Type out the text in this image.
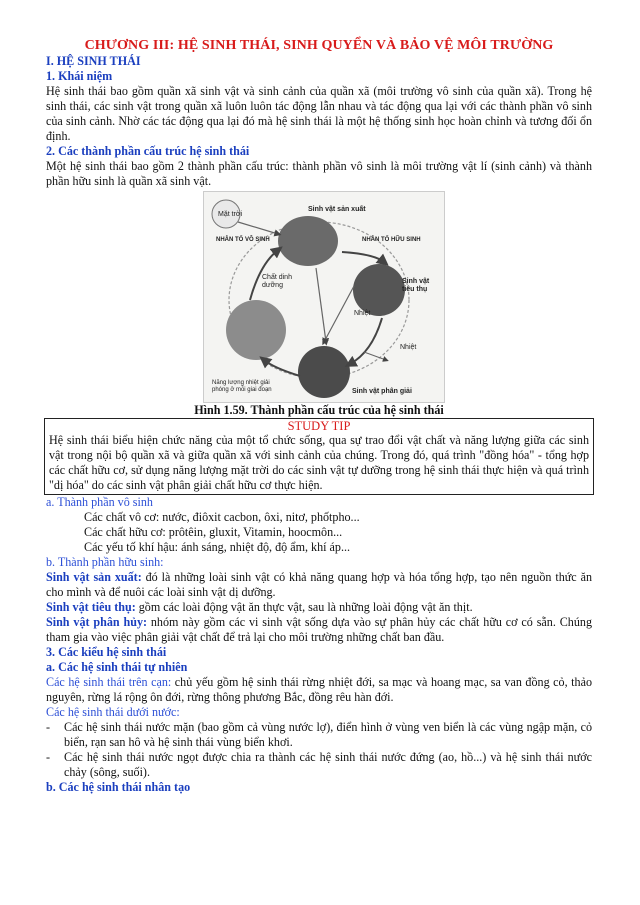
CHƯƠNG III: HỆ SINH THÁI, SINH QUYỂN VÀ BẢO VỆ MÔI TRƯỜNG
I. HỆ SINH THÁI
1. Khái niệm

Hệ sinh thái bao gồm quần xã sinh vật và sinh cảnh của quần xã (môi trường vô sinh của quần xã). Trong hệ sinh thái, các sinh vật trong quần xã luôn luôn tác động lẫn nhau và tác động qua lại với các thành phần vô sinh của sinh cảnh. Nhờ các tác động qua lại đó mà hệ sinh thái là một hệ thống sinh học hoàn chỉnh và tương đối ổn định.

2. Các thành phần cấu trúc hệ sinh thái

Một hệ sinh thái bao gồm 2 thành phần cấu trúc: thành phần vô sinh là môi trường vật lí (sinh cảnh) và thành phần hữu sinh là quần xã sinh vật.

Mặt trời
Sinh vật sản xuất
NHÂN TỐ VÔ SINH	NHÂN TỐ HỮU SINH
Sinh vật tiêu thụ
Chất dinh dưỡng
Nhiệt
Nhiệt
Sinh vật phân giải
Năng lượng nhiệt giải phóng ở mỗi giai đoạn
Hình 1.59. Thành phần cấu trúc của hệ sinh thái
STUDY TIP

Hệ sinh thái biểu hiện chức năng của một tổ chức sống, qua sự trao đổi vật chất và năng lượng giữa các sinh vật trong nội bộ quần xã và giữa quần xã với sinh cảnh của chúng. Trong đó, quá trình "đồng hóa" - tổng hợp các chất hữu cơ, sử dụng năng lượng mặt trời do các sinh vật tự dưỡng trong hệ sinh thái thực hiện và quá trình "dị hóa" do các sinh vật phân giải chất hữu cơ thực hiện.

a. Thành phần vô sinh
Các chất vô cơ: nước, điôxit cacbon, ôxi, nitơ, phốtpho...
Các chất hữu cơ: prôtêin, gluxit, Vitamin, hoocmôn...
Các yếu tố khí hậu: ánh sáng, nhiệt độ, độ ẩm, khí áp...
b. Thành phần hữu sinh:

Sinh vật sản xuất: đó là những loài sinh vật có khả năng quang hợp và hóa tổng hợp, tạo nên nguồn thức ăn cho mình và để nuôi các loài sinh vật dị dưỡng.

Sinh vật tiêu thụ: gồm các loài động vật ăn thực vật, sau là những loài động vật ăn thịt.

Sinh vật phân hủy: nhóm này gồm các vi sinh vật sống dựa vào sự phân hủy các chất hữu cơ có sẵn. Chúng tham gia vào việc phân giải vật chất để trả lại cho môi trường những chất ban đầu.

3. Các kiểu hệ sinh thái
a. Các hệ sinh thái tự nhiên

Các hệ sinh thái trên cạn: chủ yếu gồm hệ sinh thái rừng nhiệt đới, sa mạc và hoang mạc, sa van đồng cỏ, thảo nguyên, rừng lá rộng ôn đới, rừng thông phương Bắc, đồng rêu hàn đới.

Các hệ sinh thái dưới nước:
-	Các hệ sinh thái nước mặn (bao gồm cả vùng nước lợ), điển hình ở vùng ven biển là các vùng ngập mặn, cỏ biển, rạn san hô và hệ sinh thái vùng biển khơi.

-	Các hệ sinh thái nước ngọt được chia ra thành các hệ sinh thái nước đứng (ao, hồ...) và hệ sinh thái nước chảy (sông, suối).

b. Các hệ sinh thái nhân tạo
